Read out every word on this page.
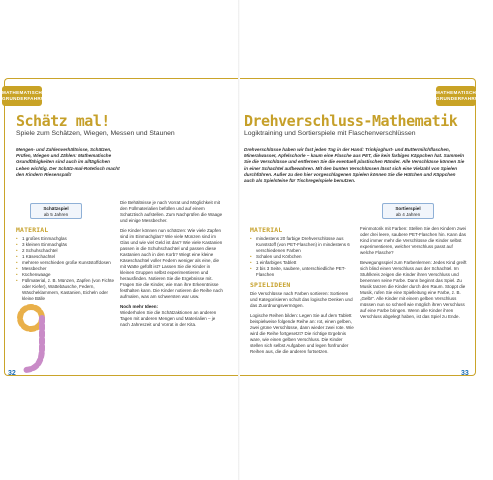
MATHEMATISCHE GRUNDERFAHRUNGEN
Schätz mal!
Spiele zum Schätzen, Wiegen, Messen und Staunen
Mengen- und Zahlenverhältnisse, Schätzen, Prüfen, Wiegen und Zählen: Mathematische Grundfähigkeiten sind auch im alltäglichen Leben wichtig. Der Schätz-mal-Rotetisch macht den Kindern Riesenspaß!
Schätzspiel
ab 5 Jahren
MATERIAL
• 1 großes Einmachglas
• 3 kleinen Einmachgläs
• 2 Schuhschachtel
• 1 Käseschachtel
• mehrere verschieden große Kunststoffdosen
• Messbecher
• Küchenwaage
• Füllmaterial, z. B. Münzen, Zapfen (von Fichte oder Kiefer), Wattebäusche, Federn, Wäscheklammern, Kastanien, Eicheln oder kleine Bälle

Die Behältnisse je nach Vorrat und Möglichkeit mit den Füllmaterialien befüllen und auf einem Schatztisch aufstellen. Zum Nachprüfen die Waage und einige Messbecher.

Die Kinder können nun schätzen: Wie viele Zapfen sind im Einmachglas? Wie viele Münzen sind im Glas und wie viel Geld ist das? Wie viele Kastanien passen in die Schuhschachtel und passen diese Kastanien auch in den Korb? Wiegt eine kleine Käseschachtel voller Federn weniger als eine, die mit Watte gefüllt ist? Lassen Sie die Kinder in kleinen Gruppen selbst experimentieren und herausfinden. Notieren Sie die Ergebnisse mit. Fragen Sie die Kinder, wie man ihre Erkenntnisse festhalten kann. Die Kinder notieren die Reihe nach aufmalen, was am schwersten war usw.

Noch mehr Ideen:

Wiederholen Sie die Schätzaktionen an anderen Tagen mit anderen Mengen und Materialien – je nach Jahreszeit und Vorrat in der Kita.

32
MATHEMATISCHE GRUNDERFAHRUNGEN
Drehverschluss-Mathematik
Logiktraining und Sortierspiele mit Flaschenverschlüssen
Drehverschlüsse haben wir fast jeden Tag in der Hand: Trinkjoghurt- und Buttermilchflaschen, Mineralwasser, Apfelschorle – kaum eine Flasche aus PET, die kein farbiges Käppchen hat. Sammeln Sie die Verschlüsse und entfernen Sie die eventuell plastischen Ränder. Alle Verschlüsse können Sie in einer Schachtel aufbewahren. Mit den bunten Verschlüssen lässt sich eine Vielzahl von Spielen durchführen. Außer zu den hier vorgeschlagenen Spielen können Sie die Hütchen und Käppchen auch als Spielsteine für Tischregelspiele benutzen.
Sortierspiel
ab 4 Jahren
MATERIAL
• mindestens 20 farbige Drehverschlüsse aus Kunststoff (von PET-Flaschen) in mindestens 6 verschiedenen Farben
• Schalen und Körbchen
• 1 einfarbiges Tablett
• 2 bis 3 Seite, saubere, unterschiedliche PET-Flaschen
SPIELIDEEN

Die Verschlüsse nach Farben sortieren: Sortieren und Kategorisieren schult das logische Denken und das Zuordnungsvermögen.

Logische Reihen bilden: Legen Sie auf dem Tablett beispielweise folgende Reihe an: rot, einen gelben, zwei grüne Verschlüsse, dann wieder zwei rote. Wie wird die Reihe fortgesetzt? Die richtige Ergebnis ware, wie einen gelben Verschluss. Die Kinder stellen sich selbst Aufgaben und legen fünfrunder Reihen aus, die die anderen fortsetzen.

Feinmotorik mit Farben: Stellen Sie den Kindern zwei oder drei leere, saubere PET-Flaschen hin. Kann das Kind immer mehr die Verschlüsse die Kinder selbst experimentieren, welcher Verschluss passt auf welche Flasche?

Bewegungsspiel zum Farbenlernen: Jedes Kind greift sich blind einen Verschluss aus der Schachtel. Im Stuhlkreis zeigen die Kinder ihren Verschluss und benennen seine Farbe. Dann beginnt das Spiel. Zu Musik tanzen die Kinder durch den Raum. Stoppt die Musik, rufen Sie eine Spielleitung eine Farbe, z. B. „Gelb!". Alle Kinder mit einem gelben Verschluss müssen nun so schnell wie möglich ihren Verschluss auf eine Farbe bringen. Wenn alle Kinder ihren Verschluss abgelegt haben, ist das Spiel zu Ende.

33
